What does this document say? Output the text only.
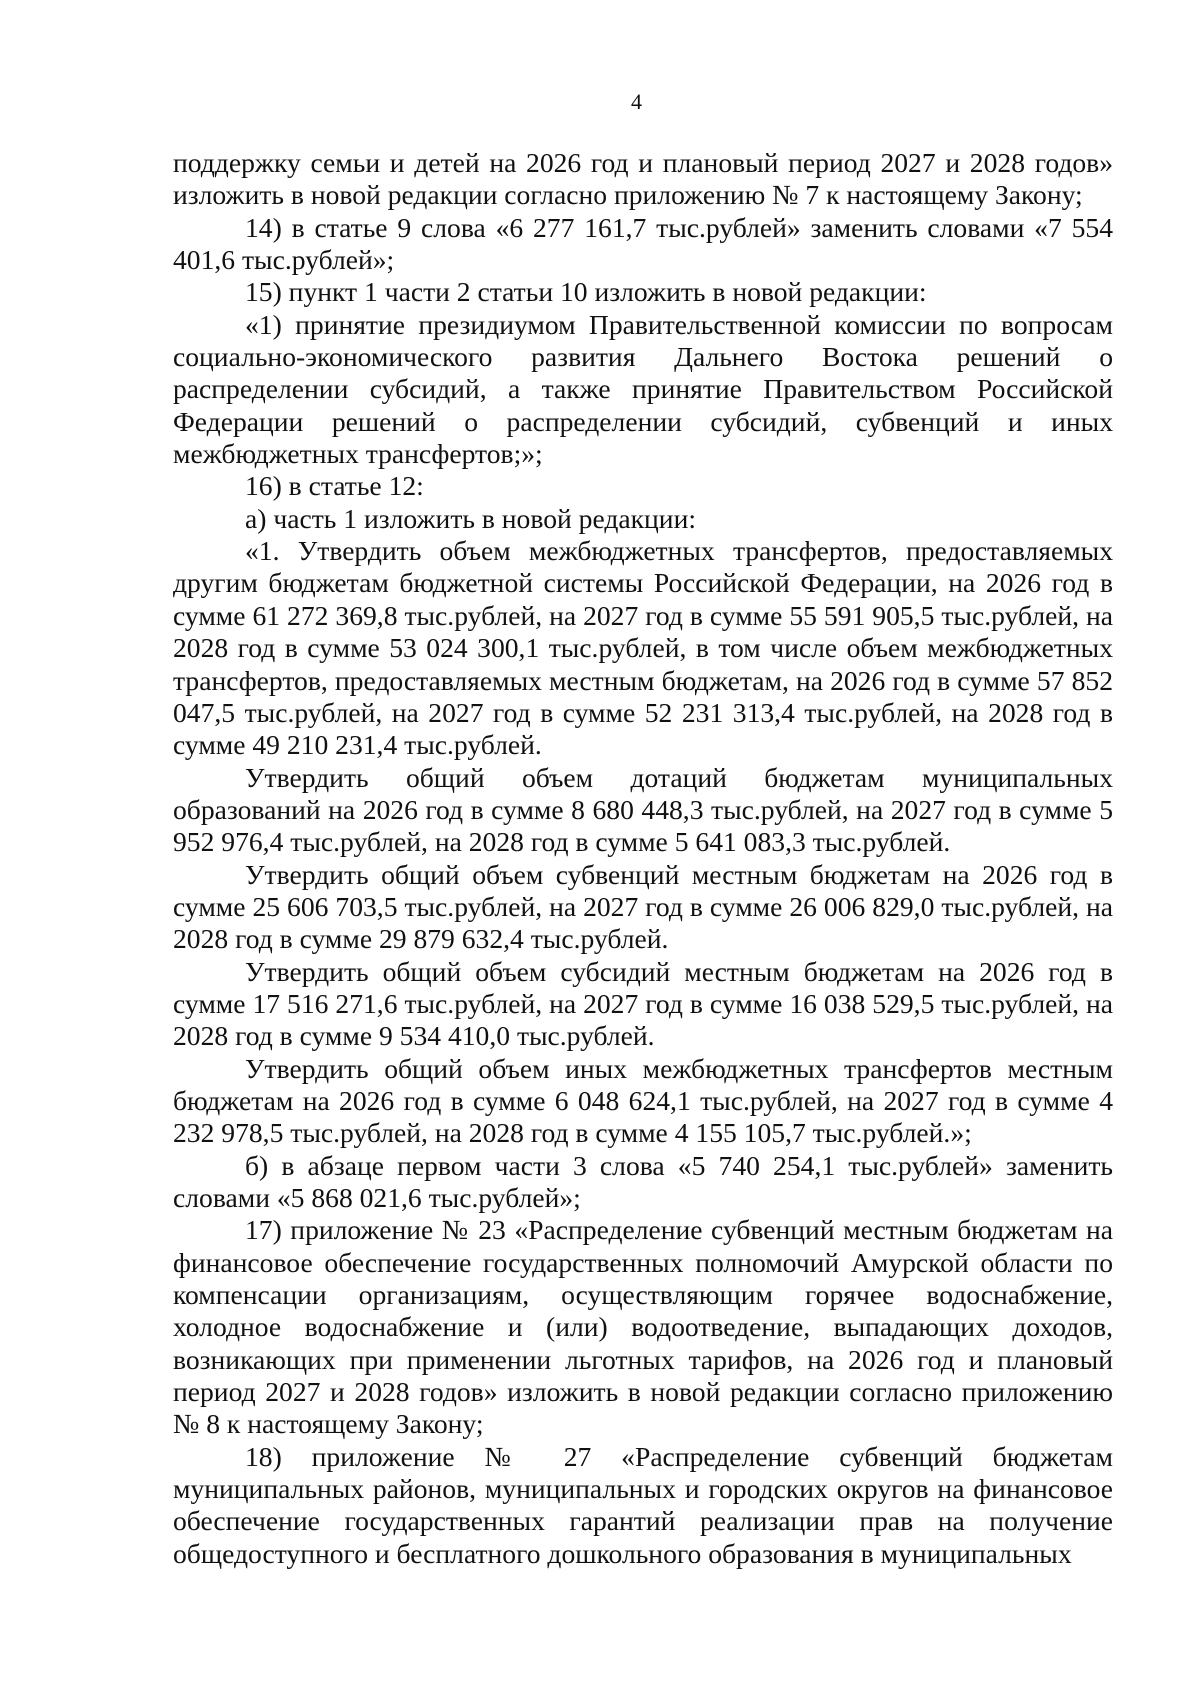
4

поддержку семьи и детей на 2026 год и плановый период 2027 и 2028 годов» изложить в новой редакции согласно приложению № 7 к настоящему Закону;

14) в статье 9 слова «6 277 161,7 тыс.рублей» заменить словами «7 554 401,6 тыс.рублей»;

15) пункт 1 части 2 статьи 10 изложить в новой редакции:

«1) принятие президиумом Правительственной комиссии по вопросам социально-экономического развития Дальнего Востока решений о распределении субсидий, а также принятие Правительством Российской Федерации решений о распределении субсидий, субвенций и иных межбюджетных трансфертов;»;

16) в статье 12:

а) часть 1 изложить в новой редакции:

«1. Утвердить объем межбюджетных трансфертов, предоставляемых другим бюджетам бюджетной системы Российской Федерации, на 2026 год в сумме 61 272 369,8 тыс.рублей, на 2027 год в сумме 55 591 905,5 тыс.рублей, на 2028 год в сумме 53 024 300,1 тыс.рублей, в том числе объем межбюджетных трансфертов, предоставляемых местным бюджетам, на 2026 год в сумме 57 852 047,5 тыс.рублей, на 2027 год в сумме 52 231 313,4 тыс.рублей, на 2028 год в сумме 49 210 231,4 тыс.рублей.

Утвердить общий объем дотаций бюджетам муниципальных образований на 2026 год в сумме 8 680 448,3 тыс.рублей, на 2027 год в сумме 5 952 976,4 тыс.рублей, на 2028 год в сумме 5 641 083,3 тыс.рублей.

Утвердить общий объем субвенций местным бюджетам на 2026 год в сумме 25 606 703,5 тыс.рублей, на 2027 год в сумме 26 006 829,0 тыс.рублей, на 2028 год в сумме 29 879 632,4 тыс.рублей.

Утвердить общий объем субсидий местным бюджетам на 2026 год в сумме 17 516 271,6 тыс.рублей, на 2027 год в сумме 16 038 529,5 тыс.рублей, на 2028 год в сумме 9 534 410,0 тыс.рублей.

Утвердить общий объем иных межбюджетных трансфертов местным бюджетам на 2026 год в сумме 6 048 624,1 тыс.рублей, на 2027 год в сумме 4 232 978,5 тыс.рублей, на 2028 год в сумме 4 155 105,7 тыс.рублей.»;

б) в абзаце первом части 3 слова «5 740 254,1 тыс.рублей» заменить словами «5 868 021,6 тыс.рублей»;

17) приложение № 23 «Распределение субвенций местным бюджетам на финансовое обеспечение государственных полномочий Амурской области по компенсации организациям, осуществляющим горячее водоснабжение, холодное водоснабжение и (или) водоотведение, выпадающих доходов, возникающих при применении льготных тарифов, на 2026 год и плановый период 2027 и 2028 годов» изложить в новой редакции согласно приложению № 8 к настоящему Закону;

18) приложение № 27 «Распределение субвенций бюджетам муниципальных районов, муниципальных и городских округов на финансовое обеспечение государственных гарантий реализации прав на получение общедоступного и бесплатного дошкольного образования в муниципальных
